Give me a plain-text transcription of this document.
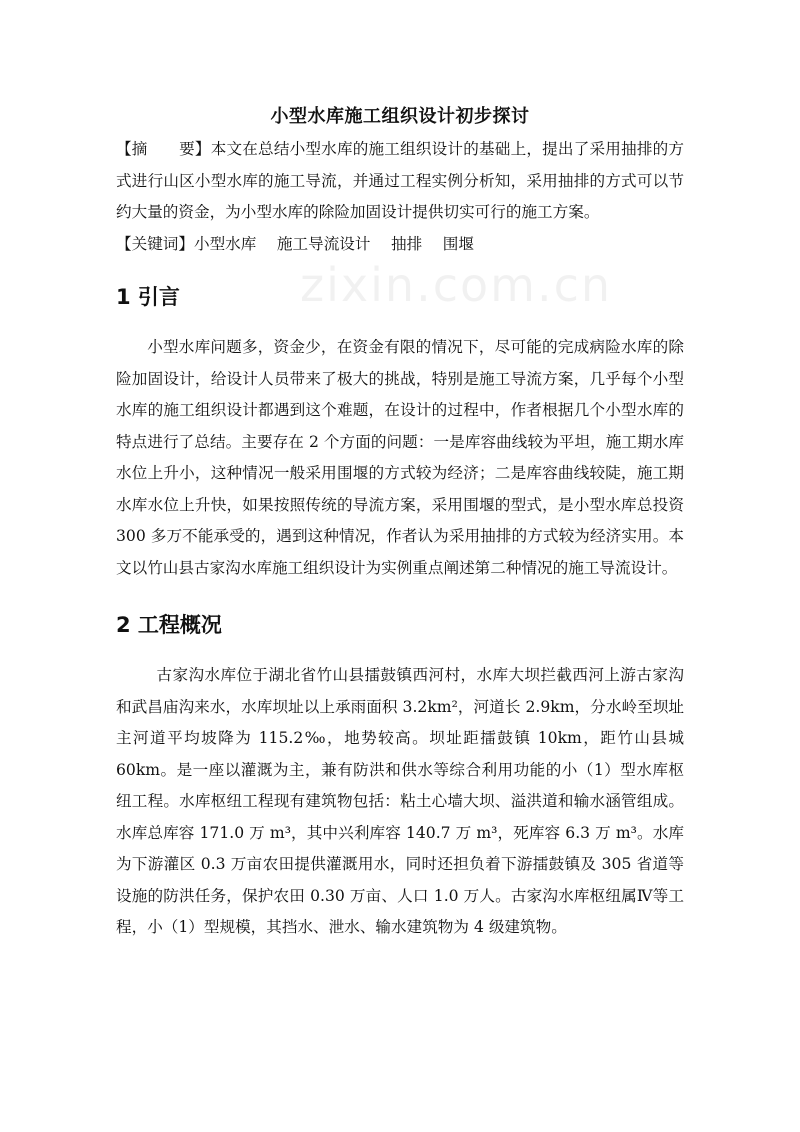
zixin.com.cn
小型水库施工组织设计初步探讨

【摘　　要】本文在总结小型水库的施工组织设计的基础上，提出了采用抽排的方式进行山区小型水库的施工导流，并通过工程实例分析知，采用抽排的方式可以节约大量的资金，为小型水库的除险加固设计提供切实可行的施工方案。

【关键词】小型水库　 施工导流设计　 抽排　 围堰

1 引言

小型水库问题多，资金少，在资金有限的情况下，尽可能的完成病险水库的除险加固设计，给设计人员带来了极大的挑战，特别是施工导流方案，几乎每个小型水库的施工组织设计都遇到这个难题，在设计的过程中，作者根据几个小型水库的特点进行了总结。主要存在 2 个方面的问题：一是库容曲线较为平坦，施工期水库水位上升小，这种情况一般采用围堰的方式较为经济；二是库容曲线较陡，施工期水库水位上升快，如果按照传统的导流方案，采用围堰的型式，是小型水库总投资 300 多万不能承受的，遇到这种情况，作者认为采用抽排的方式较为经济实用。本文以竹山县古家沟水库施工组织设计为实例重点阐述第二种情况的施工导流设计。

2 工程概况

古家沟水库位于湖北省竹山县擂鼓镇西河村，水库大坝拦截西河上游古家沟和武昌庙沟来水，水库坝址以上承雨面积 3.2km²，河道长 2.9km，分水岭至坝址主河道平均坡降为 115.2‰，地势较高。坝址距擂鼓镇 10km，距竹山县城 60km。是一座以灌溉为主，兼有防洪和供水等综合利用功能的小（1）型水库枢纽工程。水库枢纽工程现有建筑物包括：粘土心墙大坝、溢洪道和输水涵管组成。水库总库容 171.0 万 m³，其中兴利库容 140.7 万 m³，死库容 6.3 万 m³。水库为下游灌区 0.3 万亩农田提供灌溉用水，同时还担负着下游擂鼓镇及 305 省道等设施的防洪任务，保护农田 0.30 万亩、人口 1.0 万人。古家沟水库枢纽属Ⅳ等工程，小（1）型规模，其挡水、泄水、输水建筑物为 4 级建筑物。
